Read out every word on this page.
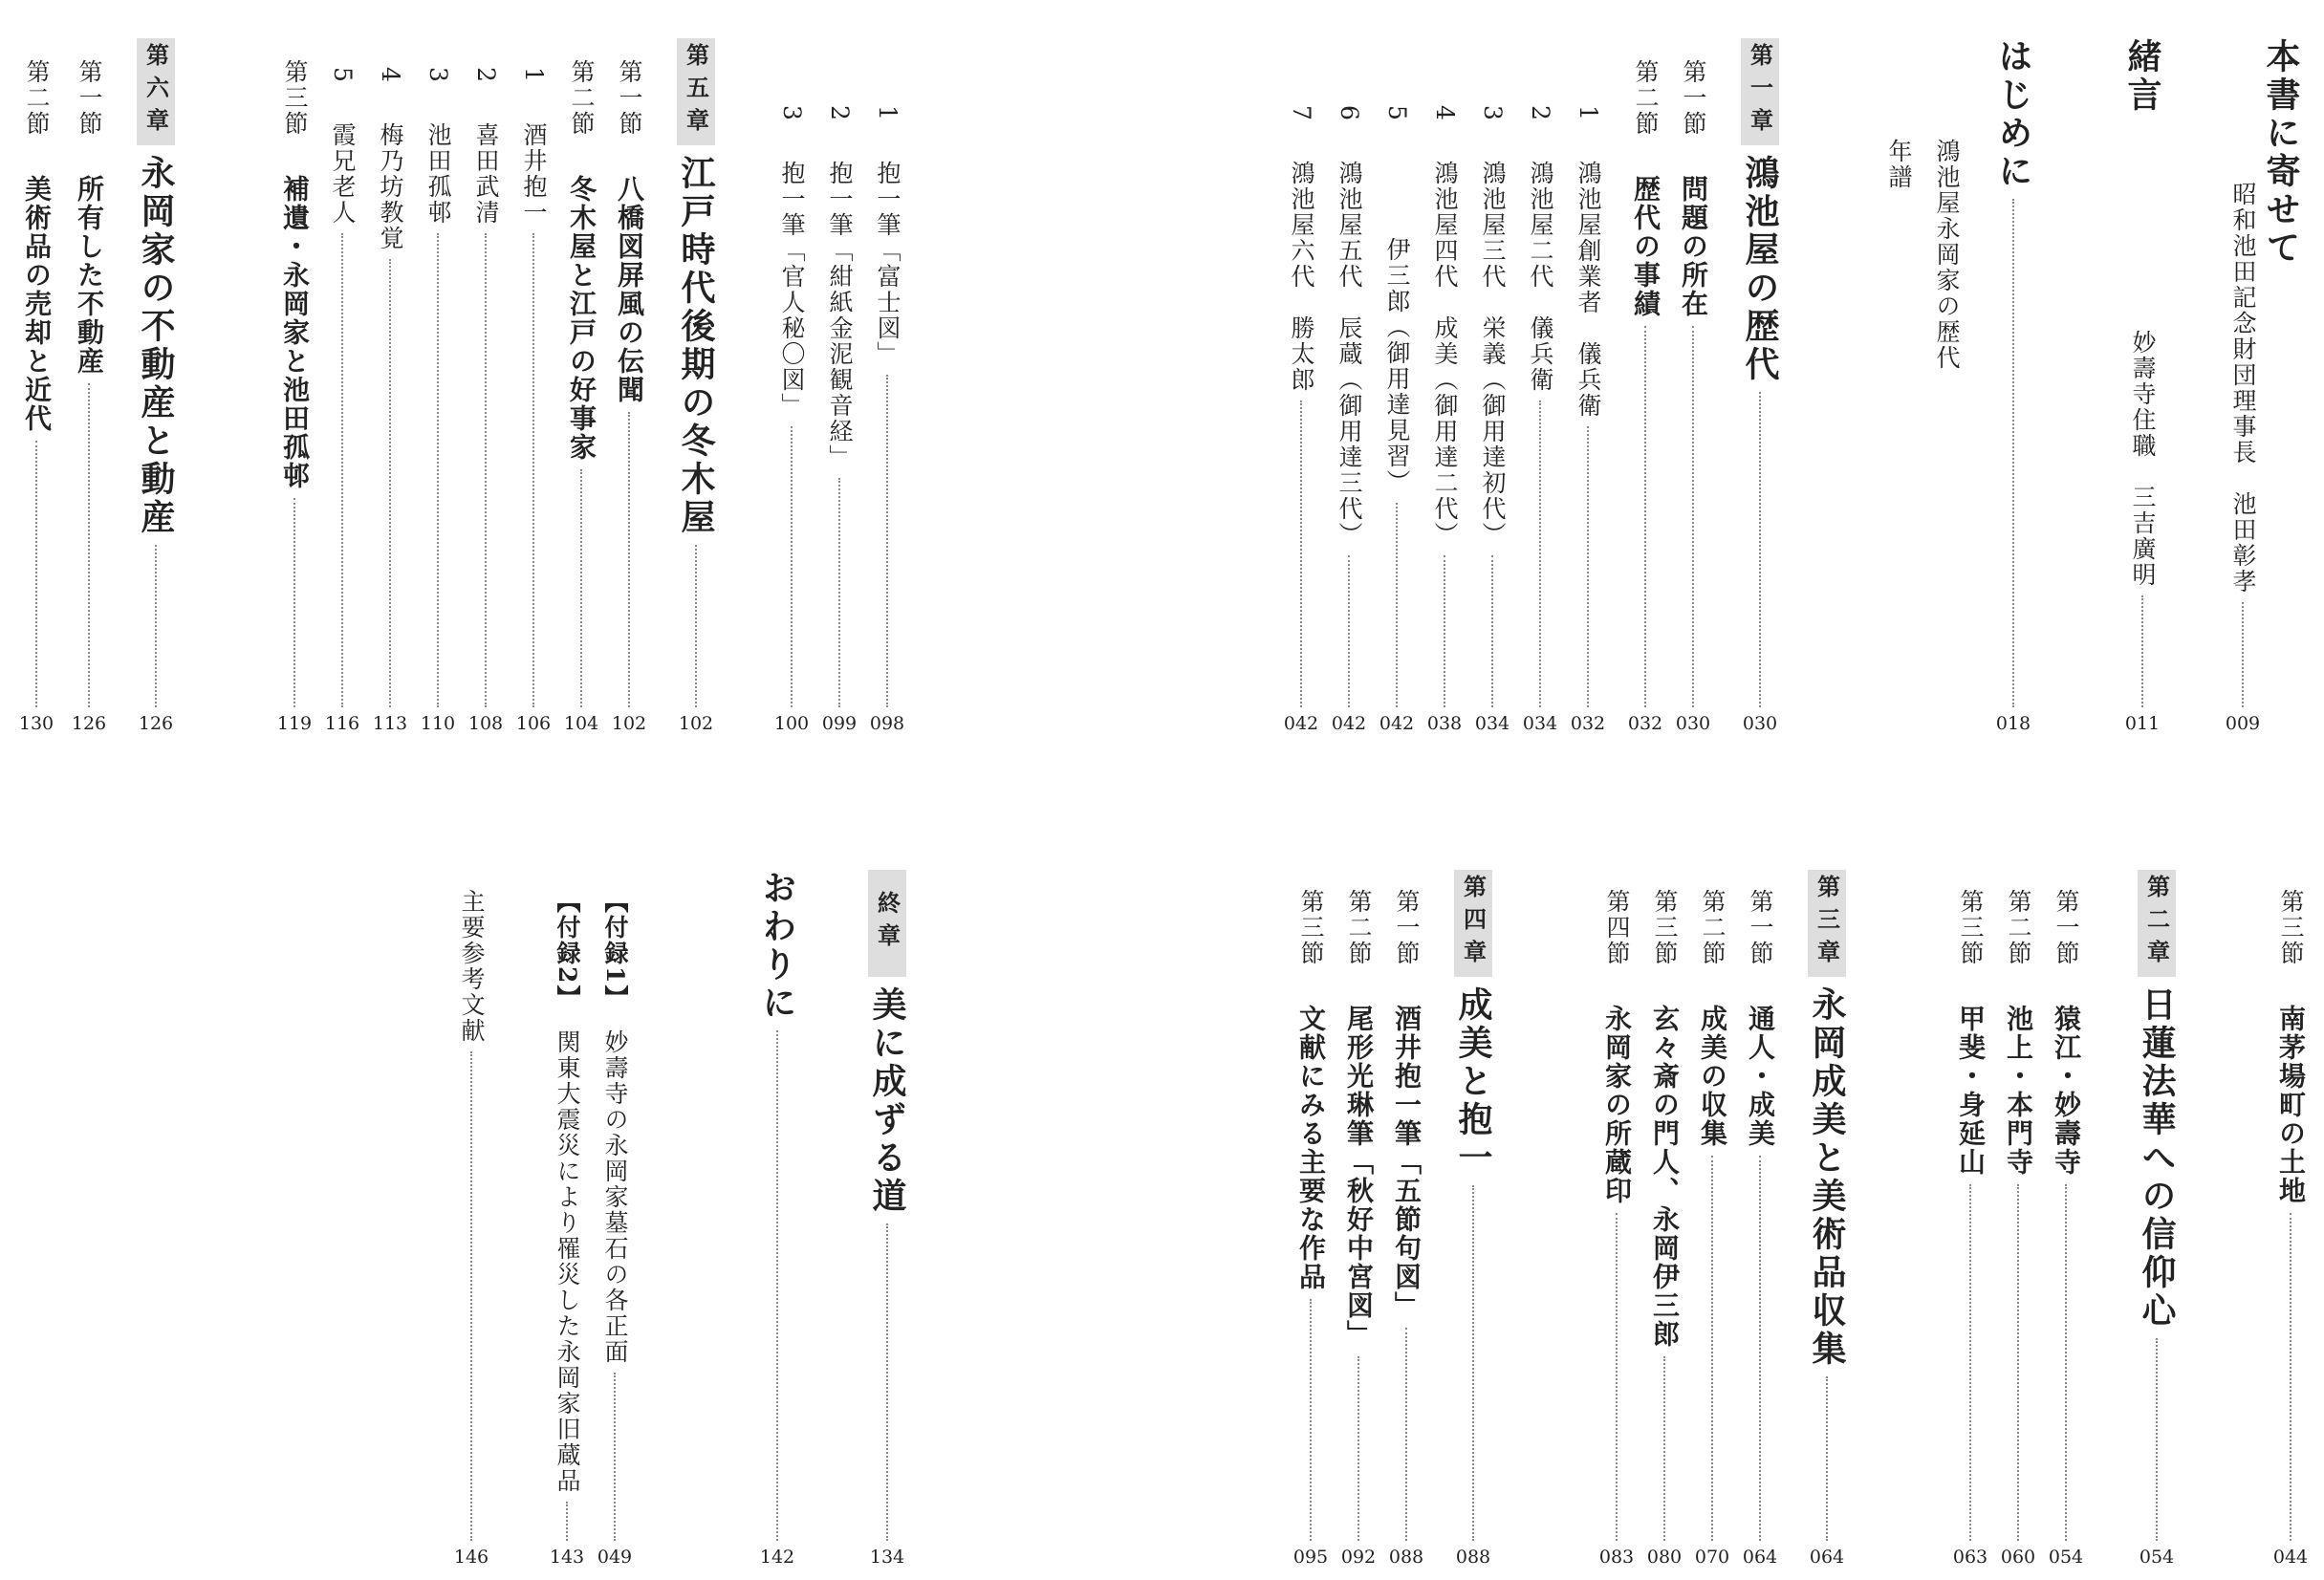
本書に寄せて
昭和池田記念財団理事長　池田彰孝
009
緒言
妙壽寺住職　三吉廣明
011
はじめに
018
鴻池屋永岡家の歴代
年譜
第一章
鴻池屋の歴代
030
第一節
問題の所在
030
第二節
歴代の事績
032
1
鴻池屋創業者　儀兵衛
032
2
鴻池屋二代　儀兵衛
034
3
鴻池屋三代　栄義（御用達初代）
034
4
鴻池屋四代　成美（御用達二代）
038
5
伊三郎（御用達見習）
042
6
鴻池屋五代　辰蔵（御用達三代）
042
7
鴻池屋六代　勝太郎
042
1
抱一筆「富士図」
098
2
抱一筆「紺紙金泥観音経」
099
3
抱一筆「官人秘〇図」
100
第五章
江戸時代後期の冬木屋
102
第一節
八橋図屏風の伝聞
102
第二節
冬木屋と江戸の好事家
104
1
酒井抱一
106
2
喜田武清
108
3
池田孤邨
110
4
梅乃坊教覚
113
5
霞兄老人
116
第三節
補遺・永岡家と池田孤邨
119
第六章
永岡家の不動産と動産
126
第一節
所有した不動産
126
第二節
美術品の売却と近代
130
第三節
南茅場町の土地
044
第二章
日蓮法華への信仰心
054
第一節
猿江・妙壽寺
054
第二節
池上・本門寺
060
第三節
甲斐・身延山
063
第三章
永岡成美と美術品収集
064
第一節
通人・成美
064
第二節
成美の収集
070
第三節
玄々斎の門人、永岡伊三郎
080
第四節
永岡家の所蔵印
083
第四章
成美と抱一
088
第一節
酒井抱一筆「五節句図」
088
第二節
尾形光琳筆「秋好中宮図」
092
第三節
文献にみる主要な作品
095
終章
美に成ずる道
134
おわりに
142
【付録1】
妙壽寺の永岡家墓石の各正面
049
【付録2】
関東大震災により罹災した永岡家旧蔵品
143
主要参考文献
146
